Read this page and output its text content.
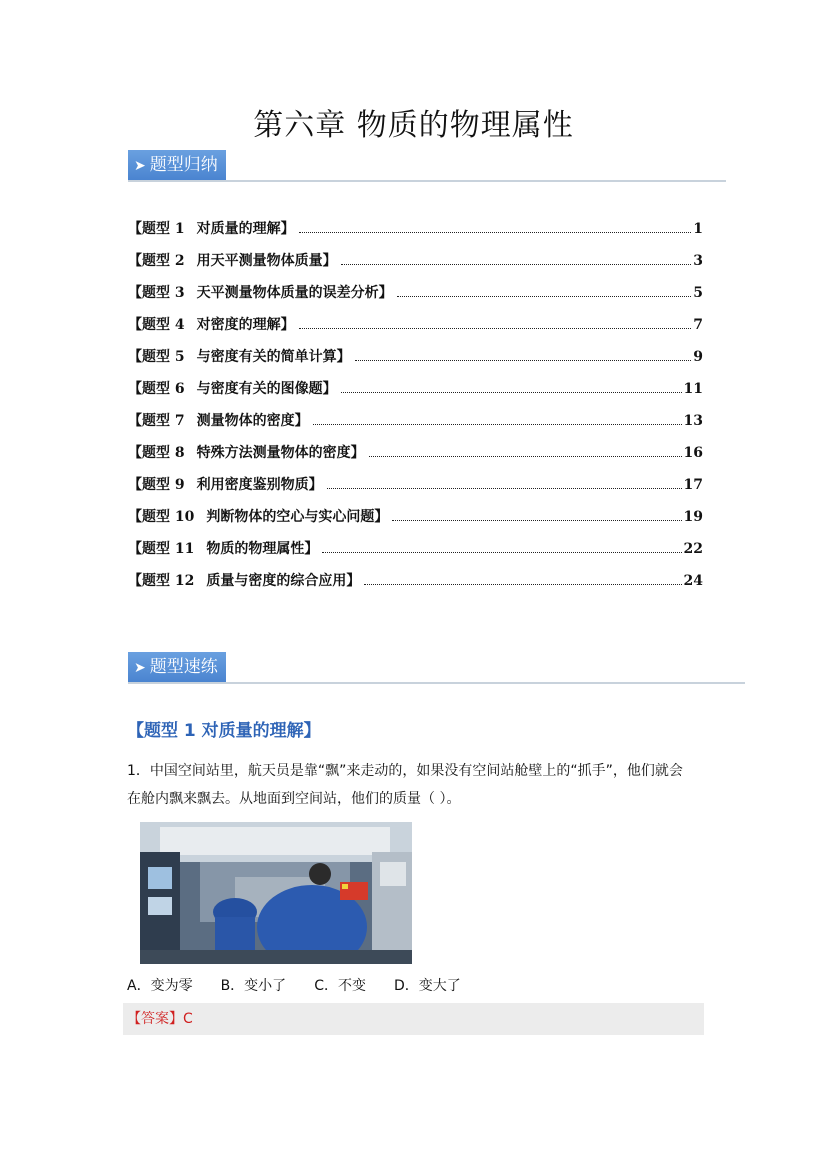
第六章 物质的物理属性
➤ 题型归纳
【题型 1 对质量的理解】	1
【题型 2 用天平测量物体质量】	3
【题型 3 天平测量物体质量的误差分析】	5
【题型 4 对密度的理解】	7
【题型 5 与密度有关的简单计算】	9
【题型 6 与密度有关的图像题】	11
【题型 7 测量物体的密度】	13
【题型 8 特殊方法测量物体的密度】	16
【题型 9 利用密度鉴别物质】	17
【题型 10 判断物体的空心与实心问题】	19
【题型 11 物质的物理属性】	22
【题型 12 质量与密度的综合应用】	24
➤ 题型速练
【题型 1 对质量的理解】
1．中国空间站里，航天员是靠“飘”来走动的，如果没有空间站舱壁上的“抓手”，他们就会
在舱内飘来飘去。从地面到空间站，他们的质量（ ）。
A．变为零 B．变小了 C．不变 D．变大了
【答案】C
